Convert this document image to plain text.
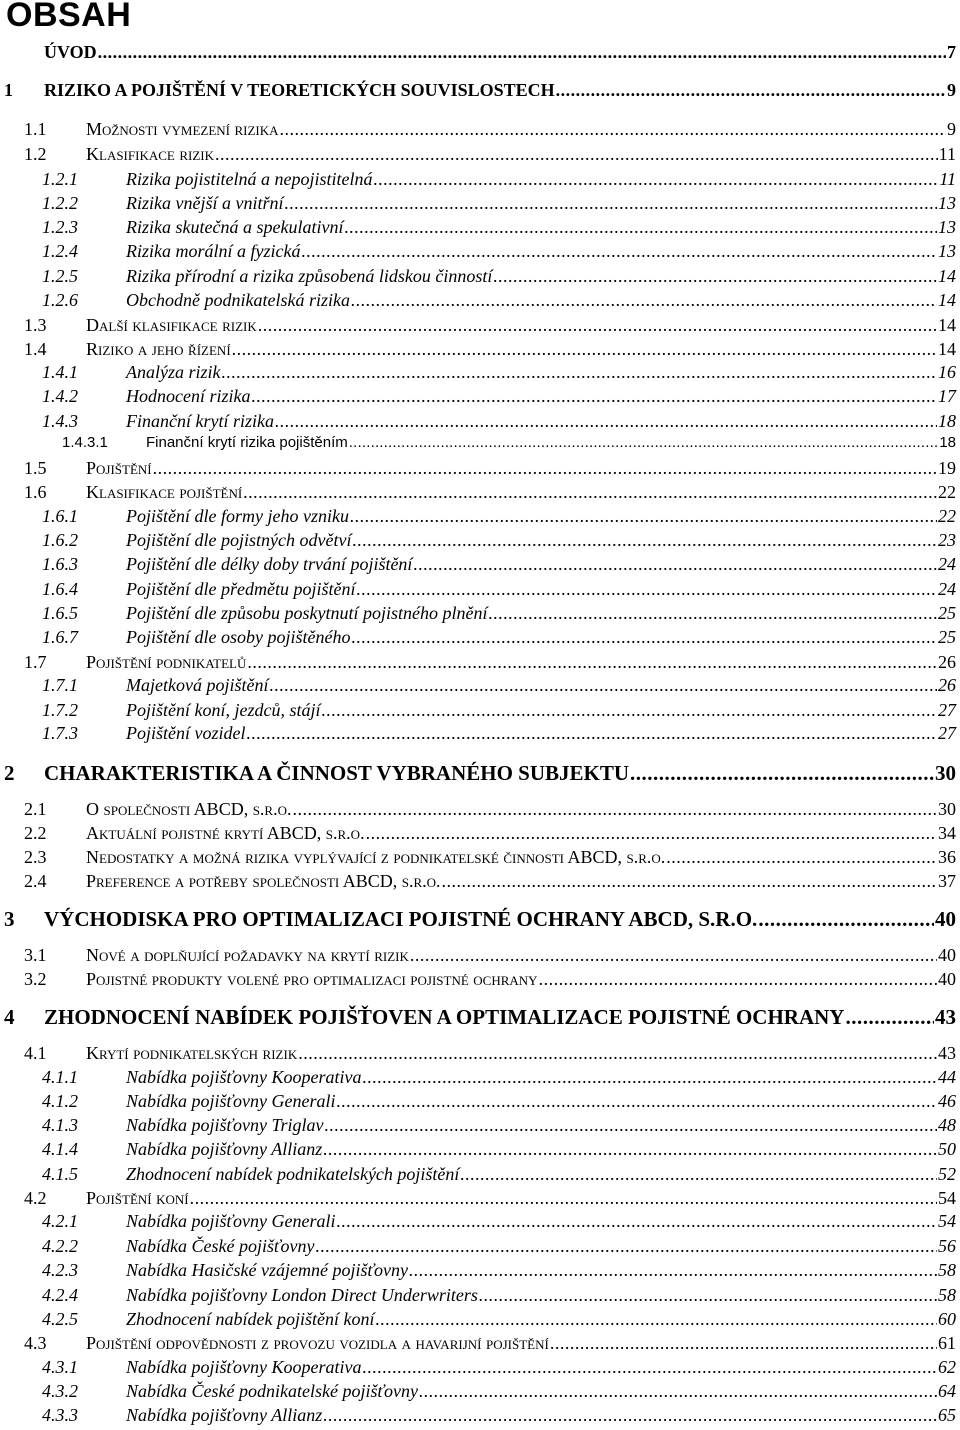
OBSAH
ÚVOD .....	7
1	RIZIKO A POJIŠTĚNÍ V TEORETICKÝCH SOUVISLOSTECH .....	9
1.1	Možnosti vymezení rizika .....	9
1.2	Klasifikace rizik .....	11
1.2.1	Rizika pojistitelná a nepojistitelná .....	11
1.2.2	Rizika vnější a vnitřní .....	13
1.2.3	Rizika skutečná a spekulativní .....	13
1.2.4	Rizika morální a fyzická .....	13
1.2.5	Rizika přírodní a rizika způsobená lidskou činností .....	14
1.2.6	Obchodně podnikatelská rizika .....	14
1.3	Další klasifikace rizik .....	14
1.4	Riziko a jeho řízení .....	14
1.4.1	Analýza rizik .....	16
1.4.2	Hodnocení rizika .....	17
1.4.3	Finanční krytí rizika .....	18
1.4.3.1	Finanční krytí rizika pojištěním .....	18
1.5	Pojištění .....	19
1.6	Klasifikace pojištění .....	22
1.6.1	Pojištění dle formy jeho vzniku .....	22
1.6.2	Pojištění dle pojistných odvětví .....	23
1.6.3	Pojištění dle délky doby trvání pojištění .....	24
1.6.4	Pojištění dle předmětu pojištění .....	24
1.6.5	Pojištění dle způsobu poskytnutí pojistného plnění .....	25
1.6.7	Pojištění dle osoby pojištěného .....	25
1.7	Pojištění podnikatelů .....	26
1.7.1	Majetková pojištění .....	26
1.7.2	Pojištění koní, jezdců, stájí .....	27
1.7.3	Pojištění vozidel .....	27
2	CHARAKTERISTIKA A ČINNOST VYBRANÉHO SUBJEKTU .....	30
2.1	O společnosti ABCD, s.r.o. .....	30
2.2	Aktuální pojistné krytí ABCD, s.r.o. .....	34
2.3	Nedostatky a možná rizika vyplývající z podnikatelské činnosti ABCD, s.r.o. .....	36
2.4	Preference a potřeby společnosti ABCD, s.r.o. .....	37
3	VÝCHODISKA PRO OPTIMALIZACI POJISTNÉ OCHRANY ABCD, S.R.O. .....	40
3.1	Nové a doplňující požadavky na krytí rizik .....	40
3.2	Pojistné produkty volené pro optimalizaci pojistné ochrany .....	40
4	ZHODNOCENÍ NABÍDEK POJIŠŤOVEN A OPTIMALIZACE POJISTNÉ OCHRANY .....	43
4.1	Krytí podnikatelských rizik .....	43
4.1.1	Nabídka pojišťovny Kooperativa .....	44
4.1.2	Nabídka pojišťovny Generali .....	46
4.1.3	Nabídka pojišťovny Triglav .....	48
4.1.4	Nabídka pojišťovny Allianz .....	50
4.1.5	Zhodnocení nabídek podnikatelských pojištění .....	52
4.2	Pojištění koní .....	54
4.2.1	Nabídka pojišťovny Generali .....	54
4.2.2	Nabídka České pojišťovny .....	56
4.2.3	Nabídka Hasičské vzájemné pojišťovny .....	58
4.2.4	Nabídka pojišťovny London Direct Underwriters .....	58
4.2.5	Zhodnocení nabídek pojištění koní .....	60
4.3	Pojištění odpovědnosti z provozu vozidla a havarijní pojištění .....	61
4.3.1	Nabídka pojišťovny Kooperativa .....	62
4.3.2	Nabídka České podnikatelské pojišťovny .....	64
4.3.3	Nabídka pojišťovny Allianz .....	65
